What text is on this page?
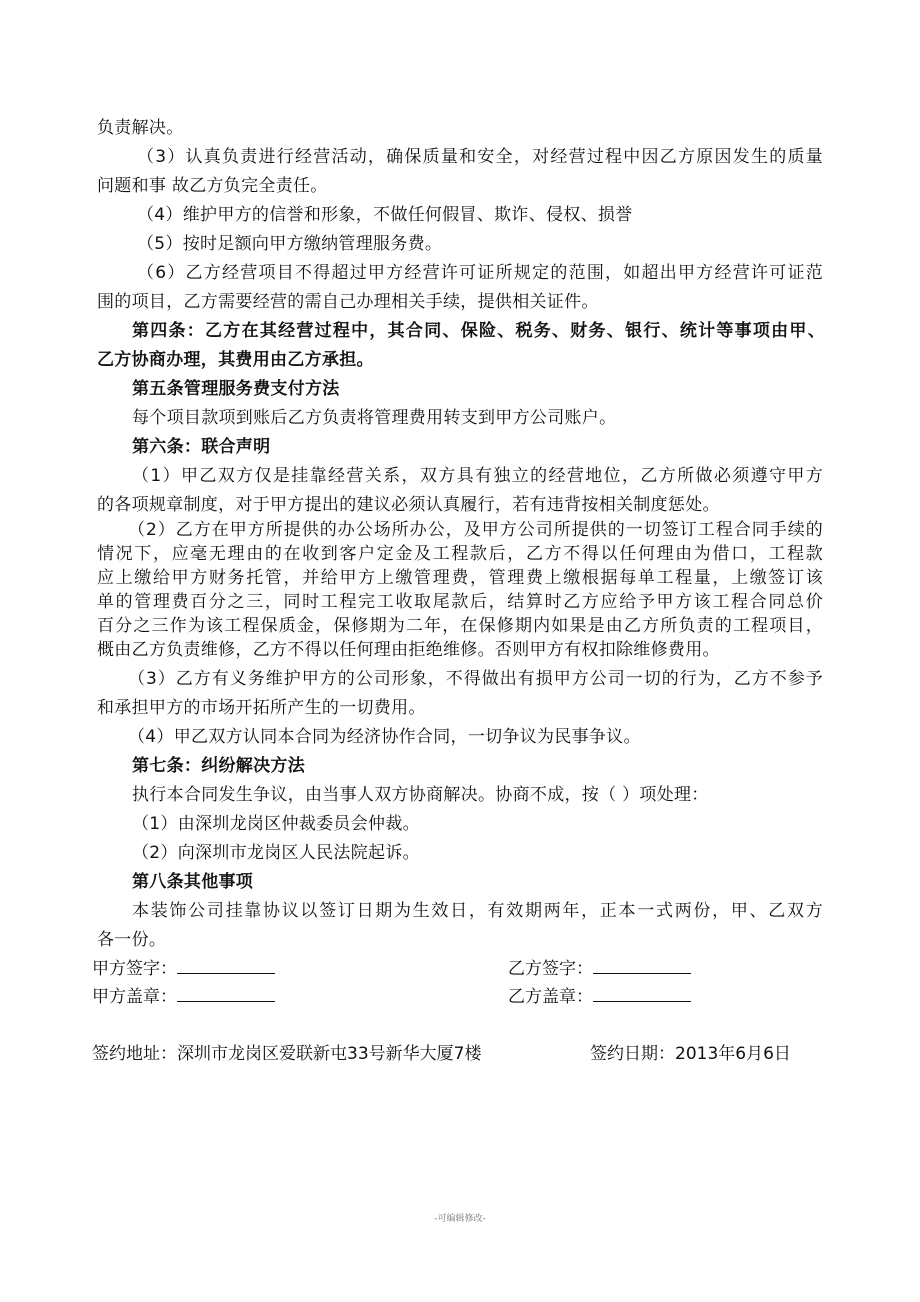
负责解决。
（3）认真负责进行经营活动，确保质量和安全，对经营过程中因乙方原因发生的质量
问题和事 故乙方负完全责任。
（4）维护甲方的信誉和形象，不做任何假冒、欺诈、侵权、损誉
（5）按时足额向甲方缴纳管理服务费。
（6）乙方经营项目不得超过甲方经营许可证所规定的范围，如超出甲方经营许可证范
围的项目，乙方需要经营的需自己办理相关手续，提供相关证件。
第四条：乙方在其经营过程中，其合同、保险、税务、财务、银行、统计等事项由甲、
乙方协商办理，其费用由乙方承担。
第五条管理服务费支付方法
每个项目款项到账后乙方负责将管理费用转支到甲方公司账户。
第六条：联合声明
（1）甲乙双方仅是挂靠经营关系，双方具有独立的经营地位，乙方所做必须遵守甲方
的各项规章制度，对于甲方提出的建议必须认真履行，若有违背按相关制度惩处。
（2）乙方在甲方所提供的办公场所办公，及甲方公司所提供的一切签订工程合同手续的
情况下，应毫无理由的在收到客户定金及工程款后，乙方不得以任何理由为借口，工程款
应上缴给甲方财务托管，并给甲方上缴管理费，管理费上缴根据每单工程量，上缴签订该
单的管理费百分之三，同时工程完工收取尾款后，结算时乙方应给予甲方该工程合同总价
百分之三作为该工程保质金，保修期为二年，在保修期内如果是由乙方所负责的工程项目，
概由乙方负责维修，乙方不得以任何理由拒绝维修。否则甲方有权扣除维修费用。
（3）乙方有义务维护甲方的公司形象，不得做出有损甲方公司一切的行为，乙方不参予
和承担甲方的市场开拓所产生的一切费用。
（4）甲乙双方认同本合同为经济协作合同，一切争议为民事争议。
第七条：纠纷解决方法
执行本合同发生争议，由当事人双方协商解决。协商不成，按（ ）项处理：
（1）由深圳龙岗区仲裁委员会仲裁。
（2）向深圳市龙岗区人民法院起诉。
第八条其他事项
本装饰公司挂靠协议以签订日期为生效日，有效期两年，正本一式两份，甲、乙双方
各一份。
甲方签字：	乙方签字：
甲方盖章：	乙方盖章：
签约地址：深圳市龙岗区爱联新屯33号新华大厦7楼	签约日期：2013年6月6日
-可编辑修改-
